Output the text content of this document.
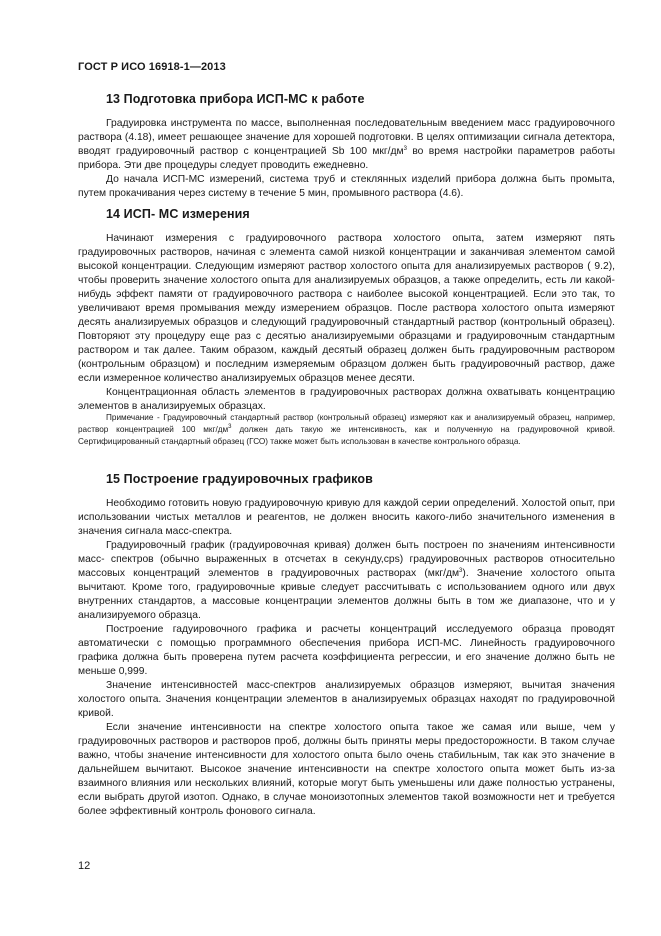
ГОСТ Р ИСО 16918-1—2013
13 Подготовка прибора ИСП-МС к работе

Градуировка инструмента по массе, выполненная последовательным введением масс градуировочного раствора (4.18), имеет решающее значение для хорошей подготовки. В целях оптимизации сигнала детектора, вводят градуировочный раствор с концентрацией Sb 100 мкг/$дм^3$ во время настройки параметров работы прибора. Эти две процедуры следует проводить ежедневно.

До начала ИСП-МС измерений, система труб и стеклянных изделий прибора должна быть промыта, путем прокачивания через систему в течение 5 мин, промывного раствора (4.6).

14 ИСП- МС измерения

Начинают измерения с градуировочного раствора холостого опыта, затем измеряют пять градуировочных растворов, начиная с элемента самой низкой концентрации и заканчивая элементом самой высокой концентрации. Следующим измеряют раствор холостого опыта для анализируемых растворов ( 9.2), чтобы проверить значение холостого опыта для анализируемых образцов, а также определить, есть ли какой-нибудь эффект памяти от градуировочного раствора с наиболее высокой концентрацией. Если это так, то увеличивают время промывания между измерением образцов. После раствора холостого опыта измеряют десять анализируемых образцов и следующий градуировочный стандартный раствор (контрольный образец). Повторяют эту процедуру еще раз с десятью анализируемыми образцами и градуировочным стандартным раствором и так далее. Таким образом, каждый десятый образец должен быть градуировочным раствором (контрольным образцом) и последним измеряемым образцом должен быть градуировочный раствор, даже если измеренное количество анализируемых образцов менее десяти.

Концентрационная область элементов в градуировочных растворах должна охватывать концентрацию элементов в анализируемых образцах.

Примечание - Градуировочный стандартный раствор (контрольный образец) измеряют как и анализируемый образец, например, раствор концентрацией 100 мкг/$дм^3$ должен дать такую же интенсивность, как и полученную на градуировочной кривой. Сертифицированный стандартный образец (ГСО) также может быть использован в качестве контрольного образца.

15 Построение градуировочных графиков

Необходимо готовить новую градуировочную кривую для каждой серии определений. Холостой опыт, при использовании чистых металлов и реагентов, не должен вносить какого-либо значительного изменения в значения сигнала масс-спектра.

Градуировочный график (градуировочная кривая) должен быть построен по значениям интенсивности масс- спектров (обычно выраженных в отсчетах в секунду,cps) градуировочных растворов относительно массовых концентраций элементов в градуировочных растворах $(мкг/дм^3)$. Значение холостого опыта вычитают. Кроме того, градуировочные кривые следует рассчитывать с использованием одного или двух внутренних стандартов, а массовые концентрации элементов должны быть в том же диапазоне, что и у анализируемого образца.

Построение гадуировочного графика и расчеты концентраций исследуемого образца проводят автоматически с помощью программного обеспечения прибора ИСП-МС. Линейность градуировочного графика должна быть проверена путем расчета коэффициента регрессии, и его значение должно быть не меньше 0,999.

Значение интенсивностей масс-спектров анализируемых образцов измеряют, вычитая значения холостого опыта. Значения концентрации элементов в анализируемых образцах находят по градуировочной кривой.

Если значение интенсивности на спектре холостого опыта такое же самая или выше, чем у градуировочных растворов и растворов проб, должны быть приняты меры предосторожности. В таком случае важно, чтобы значение интенсивности для холостого опыта было очень стабильным, так как это значение в дальнейшем вычитают. Высокое значение интенсивности на спектре холостого опыта может быть из-за взаимного влияния или нескольких влияний, которые могут быть уменьшены или даже полностью устранены, если выбрать другой изотоп. Однако, в случае моноизотопных элементов такой возможности нет и требуется более эффективный контроль фонового сигнала.

12
